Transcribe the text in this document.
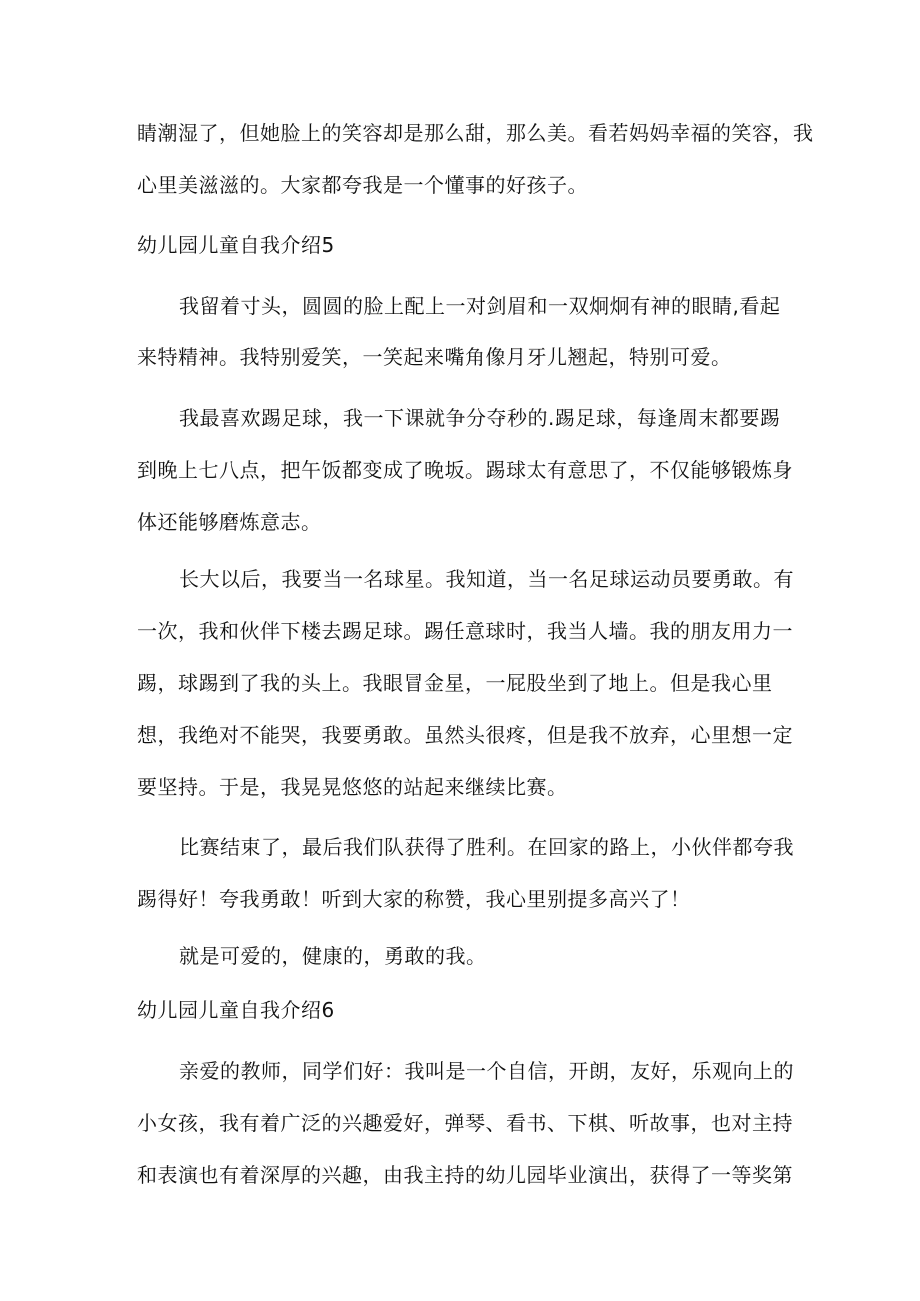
睛潮湿了，但她脸上的笑容却是那么甜，那么美。看若妈妈幸福的笑容，我
心里美滋滋的。大家都夸我是一个懂事的好孩子。
幼儿园儿童自我介绍5
我留着寸头，圆圆的脸上配上一对剑眉和一双炯炯有神的眼睛,看起
来特精神。我特别爱笑，一笑起来嘴角像月牙儿翘起，特别可爱。
我最喜欢踢足球，我一下课就争分夺秒的.踢足球，每逢周末都要踢
到晚上七八点，把午饭都变成了晚坂。踢球太有意思了，不仅能够锻炼身
体还能够磨炼意志。
长大以后，我要当一名球星。我知道，当一名足球运动员要勇敢。有
一次，我和伙伴下楼去踢足球。踢任意球时，我当人墙。我的朋友用力一
踢，球踢到了我的头上。我眼冒金星，一屁股坐到了地上。但是我心里
想，我绝对不能哭，我要勇敢。虽然头很疼，但是我不放弃，心里想一定
要坚持。于是，我晃晃悠悠的站起来继续比赛。
比赛结束了，最后我们队获得了胜利。在回家的路上，小伙伴都夸我
踢得好！夸我勇敢！听到大家的称赞，我心里别提多高兴了！
就是可爱的，健康的，勇敢的我。
幼儿园儿童自我介绍6
亲爱的教师，同学们好：我叫是一个自信，开朗，友好，乐观向上的
小女孩，我有着广泛的兴趣爱好，弹琴、看书、下棋、听故事，也对主持
和表演也有着深厚的兴趣，由我主持的幼儿园毕业演出，获得了一等奖第
